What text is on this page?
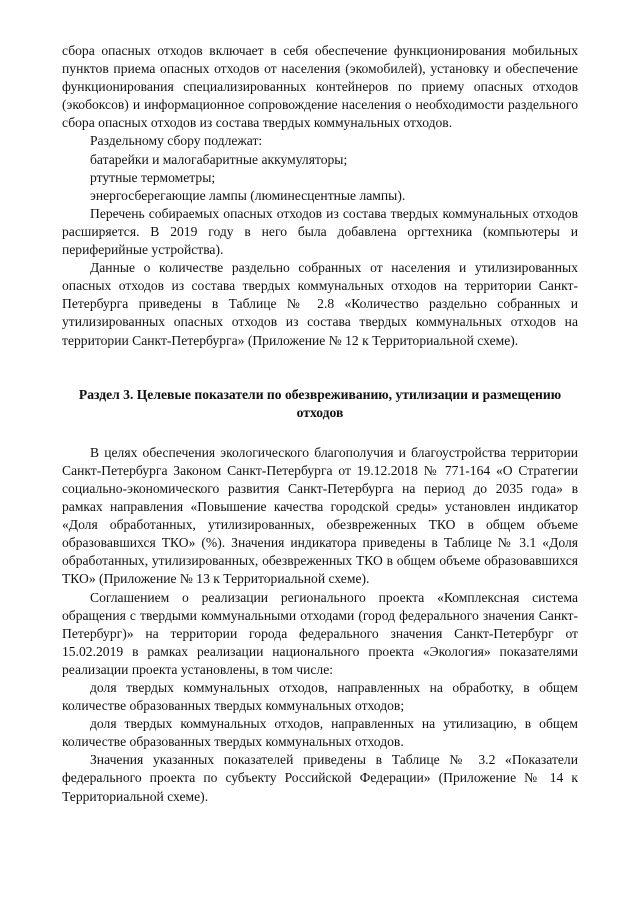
сбора опасных отходов включает в себя обеспечение функционирования мобильных пунктов приема опасных отходов от населения (экомобилей), установку и обеспечение функционирования специализированных контейнеров по приему опасных отходов (экобоксов) и информационное сопровождение населения о необходимости раздельного сбора опасных отходов из состава твердых коммунальных отходов.

Раздельному сбору подлежат:

батарейки и малогабаритные аккумуляторы;

ртутные термометры;

энергосберегающие лампы (люминесцентные лампы).

Перечень собираемых опасных отходов из состава твердых коммунальных отходов расширяется. В 2019 году в него была добавлена оргтехника (компьютеры и периферийные устройства).

Данные о количестве раздельно собранных от населения и утилизированных опасных отходов из состава твердых коммунальных отходов на территории Санкт-Петербурга приведены в Таблице № 2.8 «Количество раздельно собранных и утилизированных опасных отходов из состава твердых коммунальных отходов на территории Санкт-Петербурга» (Приложение № 12 к Территориальной схеме).

Раздел 3. Целевые показатели по обезвреживанию, утилизации и размещению отходов

В целях обеспечения экологического благополучия и благоустройства территории Санкт-Петербурга Законом Санкт-Петербурга от 19.12.2018 № 771-164 «О Стратегии социально-экономического развития Санкт-Петербурга на период до 2035 года» в рамках направления «Повышение качества городской среды» установлен индикатор «Доля обработанных, утилизированных, обезвреженных ТКО в общем объеме образовавшихся ТКО» (%). Значения индикатора приведены в Таблице № 3.1 «Доля обработанных, утилизированных, обезвреженных ТКО в общем объеме образовавшихся ТКО» (Приложение № 13 к Территориальной схеме).

Соглашением о реализации регионального проекта «Комплексная система обращения с твердыми коммунальными отходами (город федерального значения Санкт-Петербург)» на территории города федерального значения Санкт-Петербург от 15.02.2019 в рамках реализации национального проекта «Экология» показателями реализации проекта установлены, в том числе:

доля твердых коммунальных отходов, направленных на обработку, в общем количестве образованных твердых коммунальных отходов;

доля твердых коммунальных отходов, направленных на утилизацию, в общем количестве образованных твердых коммунальных отходов.

Значения указанных показателей приведены в Таблице № 3.2 «Показатели федерального проекта по субъекту Российской Федерации» (Приложение № 14 к Территориальной схеме).
